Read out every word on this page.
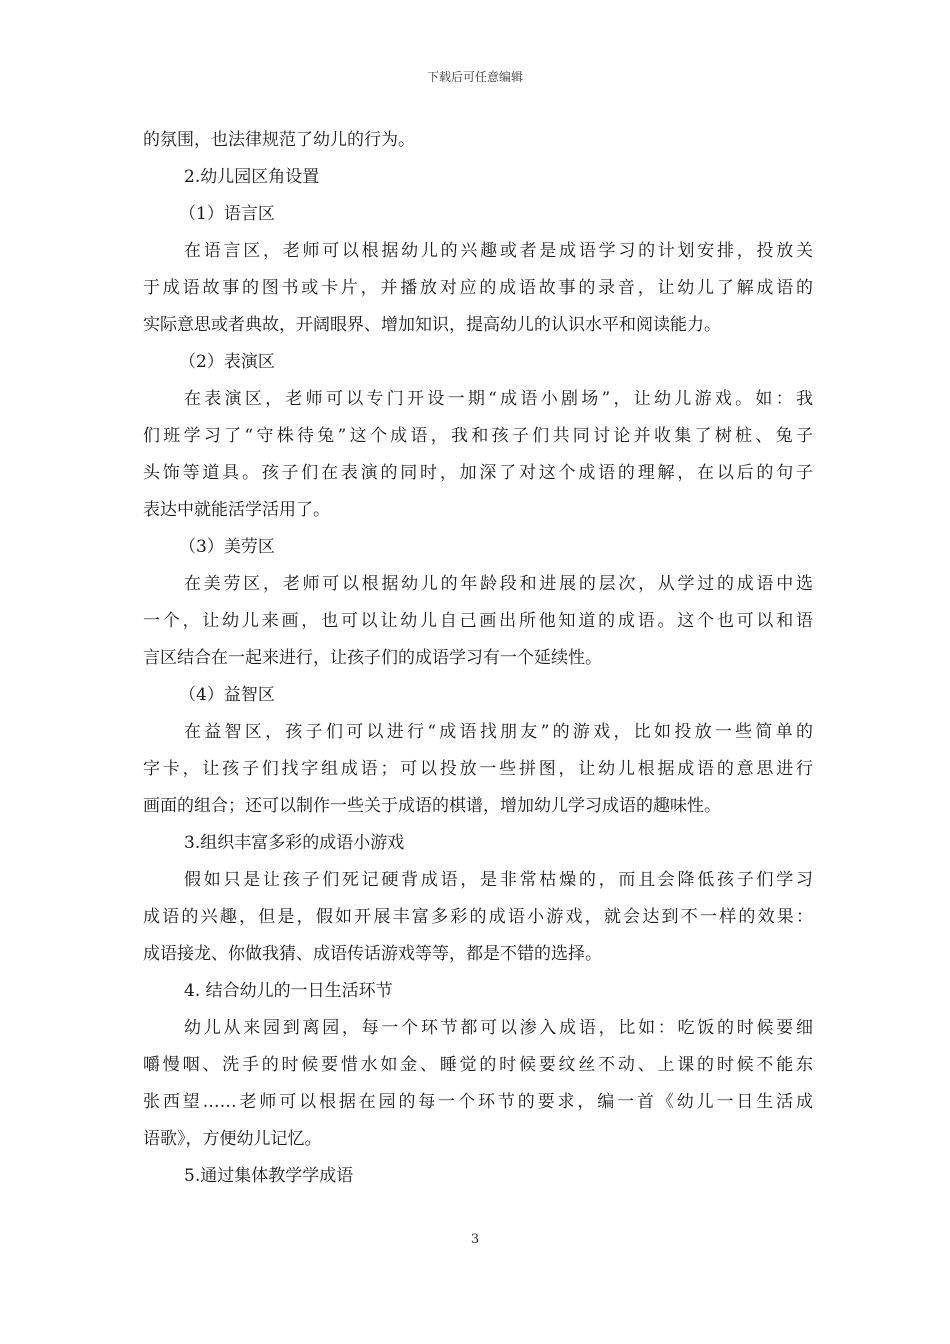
下载后可任意编辑
的氛围，也法律规范了幼儿的行为。
2.幼儿园区角设置
（1）语言区
在语言区，老师可以根据幼儿的兴趣或者是成语学习的计划安排，投放关
于成语故事的图书或卡片，并播放对应的成语故事的录音，让幼儿了解成语的
实际意思或者典故，开阔眼界、增加知识，提高幼儿的认识水平和阅读能力。
（2）表演区
在表演区，老师可以专门开设一期“成语小剧场”，让幼儿游戏。如：我
们班学习了“守株待兔”这个成语，我和孩子们共同讨论并收集了树桩、兔子
头饰等道具。孩子们在表演的同时，加深了对这个成语的理解，在以后的句子
表达中就能活学活用了。
（3）美劳区
在美劳区，老师可以根据幼儿的年龄段和进展的层次，从学过的成语中选
一个，让幼儿来画，也可以让幼儿自己画出所他知道的成语。这个也可以和语
言区结合在一起来进行，让孩子们的成语学习有一个延续性。
（4）益智区
在益智区，孩子们可以进行“成语找朋友”的游戏，比如投放一些简单的
字卡，让孩子们找字组成语；可以投放一些拼图，让幼儿根据成语的意思进行
画面的组合；还可以制作一些关于成语的棋谱，增加幼儿学习成语的趣味性。
3.组织丰富多彩的成语小游戏
假如只是让孩子们死记硬背成语，是非常枯燥的，而且会降低孩子们学习
成语的兴趣，但是，假如开展丰富多彩的成语小游戏，就会达到不一样的效果：
成语接龙、你做我猜、成语传话游戏等等，都是不错的选择。
4. 结合幼儿的一日生活环节
幼儿从来园到离园，每一个环节都可以渗入成语，比如：吃饭的时候要细
嚼慢咽、洗手的时候要惜水如金、睡觉的时候要纹丝不动、上课的时候不能东
张西望……老师可以根据在园的每一个环节的要求，编一首《幼儿一日生活成
语歌》，方便幼儿记忆。
5.通过集体教学学成语
3
